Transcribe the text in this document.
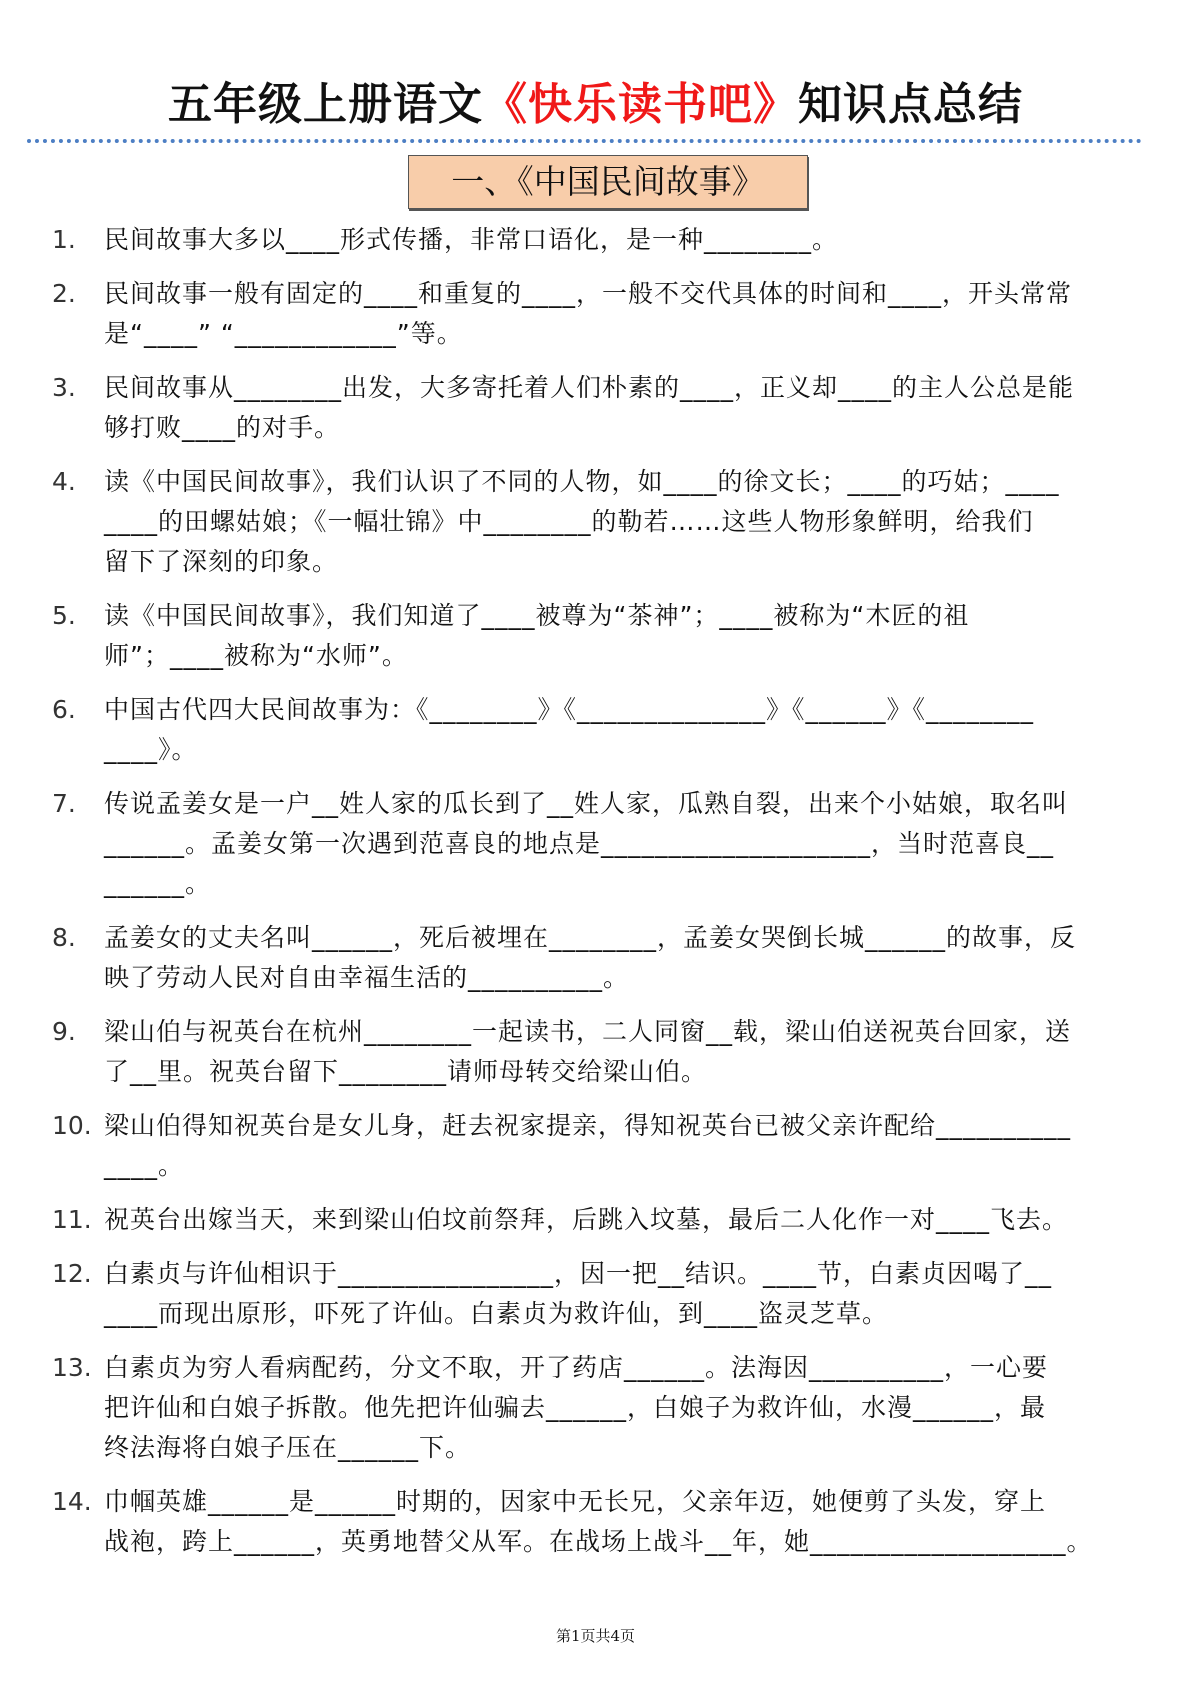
五年级上册语文《快乐读书吧》知识点总结
一、《中国民间故事》
1.	民间故事大多以____形式传播，非常口语化，是一种________。
2.	民间故事一般有固定的____和重复的____，一般不交代具体的时间和____，开头常常
是“____” “____________”等。
3.	民间故事从________出发，大多寄托着人们朴素的____，正义却____的主人公总是能
够打败____的对手。
4.	读《中国民间故事》，我们认识了不同的人物，如____的徐文长；____的巧姑；____
____的田螺姑娘；《一幅壮锦》中________的勒若……这些人物形象鲜明，给我们
留下了深刻的印象。
5.	读《中国民间故事》，我们知道了____被尊为“茶神”；____被称为“木匠的祖
师”；____被称为“水师”。
6.	中国古代四大民间故事为：《________》《______________》《______》《________
____》。
7.	传说孟姜女是一户__姓人家的瓜长到了__姓人家，瓜熟自裂，出来个小姑娘，取名叫
______。孟姜女第一次遇到范喜良的地点是____________________，当时范喜良__
______。
8.	孟姜女的丈夫名叫______，死后被埋在________，孟姜女哭倒长城______的故事，反
映了劳动人民对自由幸福生活的__________。
9.	梁山伯与祝英台在杭州________一起读书，二人同窗__载，梁山伯送祝英台回家，送
了__里。祝英台留下________请师母转交给梁山伯。
10. 梁山伯得知祝英台是女儿身，赶去祝家提亲，得知祝英台已被父亲许配给__________
____。
11. 祝英台出嫁当天，来到梁山伯坟前祭拜，后跳入坟墓，最后二人化作一对____飞去。
12. 白素贞与许仙相识于________________，因一把__结识。____节，白素贞因喝了__
____而现出原形，吓死了许仙。白素贞为救许仙，到____盗灵芝草。
13. 白素贞为穷人看病配药，分文不取，开了药店______。法海因__________，一心要
把许仙和白娘子拆散。他先把许仙骗去______，白娘子为救许仙，水漫______，最
终法海将白娘子压在______下。
14. 巾帼英雄______是______时期的，因家中无长兄，父亲年迈，她便剪了头发，穿上
战袍，跨上______，英勇地替父从军。在战场上战斗__年，她___________________。
第1页共4页
